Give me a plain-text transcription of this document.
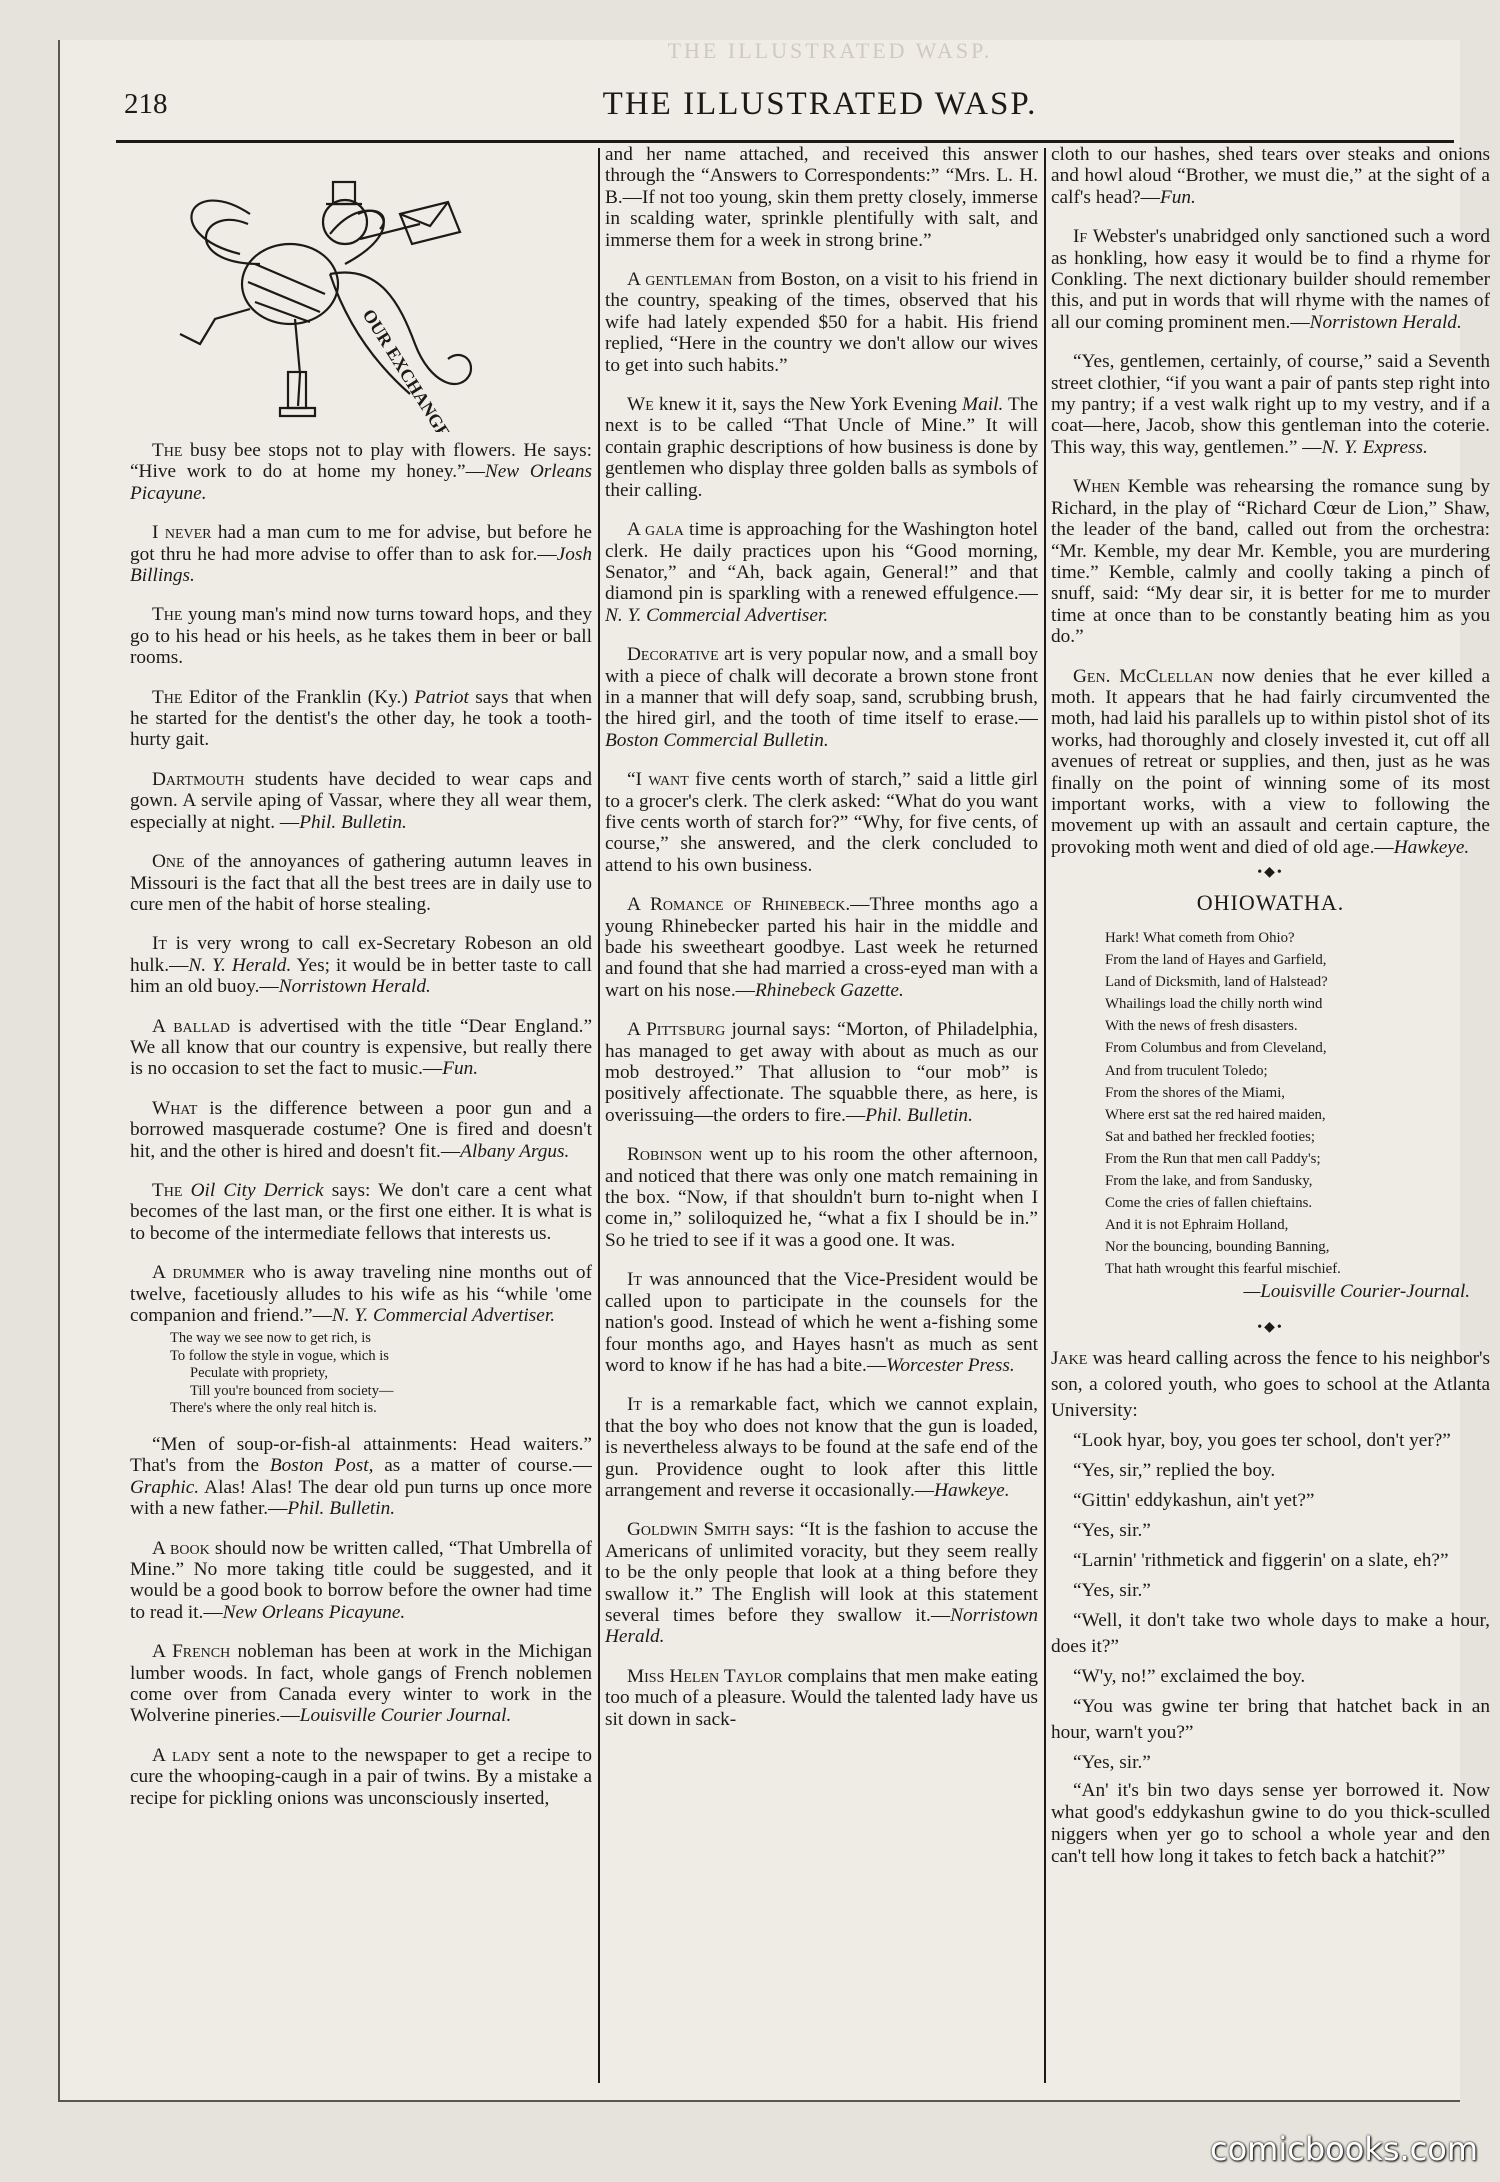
THE ILLUSTRATED WASP.
218	THE ILLUSTRATED WASP.
OUR EXCHANGES

The busy bee stops not to play with flowers. He says: “Hive work to do at home my honey.”—New Orleans Picayune.

I never had a man cum to me for advise, but before he got thru he had more advise to offer than to ask for.—Josh Billings.

The young man's mind now turns toward hops, and they go to his head or his heels, as he takes them in beer or ball rooms.

The Editor of the Franklin (Ky.) Patriot says that when he started for the dentist's the other day, he took a tooth-hurty gait.

Dartmouth students have decided to wear caps and gown. A servile aping of Vassar, where they all wear them, especially at night. —Phil. Bulletin.

One of the annoyances of gathering autumn leaves in Missouri is the fact that all the best trees are in daily use to cure men of the habit of horse stealing.

It is very wrong to call ex-Secretary Robeson an old hulk.—N. Y. Herald. Yes; it would be in better taste to call him an old buoy.—Norristown Herald.

A ballad is advertised with the title “Dear England.” We all know that our country is expensive, but really there is no occasion to set the fact to music.—Fun.

What is the difference between a poor gun and a borrowed masquerade costume? One is fired and doesn't hit, and the other is hired and doesn't fit.—Albany Argus.

The Oil City Derrick says: We don't care a cent what becomes of the last man, or the first one either. It is what is to become of the intermediate fellows that interests us.

A drummer who is away traveling nine months out of twelve, facetiously alludes to his wife as his “while 'ome companion and friend.”—N. Y. Commercial Advertiser.

The way we see now to get rich, is
To follow the style in vogue, which is
Peculate with propriety,
Till you're bounced from society—
There's where the only real hitch is.

“Men of soup-or-fish-al attainments: Head waiters.” That's from the Boston Post, as a matter of course.—Graphic. Alas! Alas! The dear old pun turns up once more with a new father.—Phil. Bulletin.

A book should now be written called, “That Umbrella of Mine.” No more taking title could be suggested, and it would be a good book to borrow before the owner had time to read it.—New Orleans Picayune.

A French nobleman has been at work in the Michigan lumber woods. In fact, whole gangs of French noblemen come over from Canada every winter to work in the Wolverine pineries.—Louisville Courier Journal.

A lady sent a note to the newspaper to get a recipe to cure the whooping-caugh in a pair of twins. By a mistake a recipe for pickling onions was unconsciously inserted,

and her name attached, and received this answer through the “Answers to Correspondents:” “Mrs. L. H. B.—If not too young, skin them pretty closely, immerse in scalding water, sprinkle plentifully with salt, and immerse them for a week in strong brine.”

A gentleman from Boston, on a visit to his friend in the country, speaking of the times, observed that his wife had lately expended $50 for a habit. His friend replied, “Here in the country we don't allow our wives to get into such habits.”

We knew it it, says the New York Evening Mail. The next is to be called “That Uncle of Mine.” It will contain graphic descriptions of how business is done by gentlemen who display three golden balls as symbols of their calling.

A gala time is approaching for the Washington hotel clerk. He daily practices upon his “Good morning, Senator,” and “Ah, back again, General!” and that diamond pin is sparkling with a renewed effulgence.—N. Y. Commercial Advertiser.

Decorative art is very popular now, and a small boy with a piece of chalk will decorate a brown stone front in a manner that will defy soap, sand, scrubbing brush, the hired girl, and the tooth of time itself to erase.—Boston Commercial Bulletin.

“I want five cents worth of starch,” said a little girl to a grocer's clerk. The clerk asked: “What do you want five cents worth of starch for?” “Why, for five cents, of course,” she answered, and the clerk concluded to attend to his own business.

A Romance of Rhinebeck.—Three months ago a young Rhinebecker parted his hair in the middle and bade his sweetheart goodbye. Last week he returned and found that she had married a cross-eyed man with a wart on his nose.—Rhinebeck Gazette.

A Pittsburg journal says: “Morton, of Philadelphia, has managed to get away with about as much as our mob destroyed.” That allusion to “our mob” is positively affectionate. The squabble there, as here, is overissuing—the orders to fire.—Phil. Bulletin.

Robinson went up to his room the other afternoon, and noticed that there was only one match remaining in the box. “Now, if that shouldn't burn to-night when I come in,” soliloquized he, “what a fix I should be in.” So he tried to see if it was a good one. It was.

It was announced that the Vice-President would be called upon to participate in the counsels for the nation's good. Instead of which he went a-fishing some four months ago, and Hayes hasn't as much as sent word to know if he has had a bite.—Worcester Press.

It is a remarkable fact, which we cannot explain, that the boy who does not know that the gun is loaded, is nevertheless always to be found at the safe end of the gun. Providence ought to look after this little arrangement and reverse it occasionally.—Hawkeye.

Goldwin Smith says: “It is the fashion to accuse the Americans of unlimited voracity, but they seem really to be the only people that look at a thing before they swallow it.” The English will look at this statement several times before they swallow it.—Norristown Herald.

Miss Helen Taylor complains that men make eating too much of a pleasure. Would the talented lady have us sit down in sack-

cloth to our hashes, shed tears over steaks and onions and howl aloud “Brother, we must die,” at the sight of a calf's head?—Fun.

If Webster's unabridged only sanctioned such a word as honkling, how easy it would be to find a rhyme for Conkling. The next dictionary builder should remember this, and put in words that will rhyme with the names of all our coming prominent men.—Norristown Herald.

“Yes, gentlemen, certainly, of course,” said a Seventh street clothier, “if you want a pair of pants step right into my pantry; if a vest walk right up to my vestry, and if a coat—here, Jacob, show this gentleman into the coterie. This way, this way, gentlemen.” —N. Y. Express.

When Kemble was rehearsing the romance sung by Richard, in the play of “Richard Cœur de Lion,” Shaw, the leader of the band, called out from the orchestra: “Mr. Kemble, my dear Mr. Kemble, you are murdering time.” Kemble, calmly and coolly taking a pinch of snuff, said: “My dear sir, it is better for me to murder time at once than to be constantly beating him as you do.”

Gen. McClellan now denies that he ever killed a moth. It appears that he had fairly circumvented the moth, had laid his parallels up to within pistol shot of its works, had thoroughly and closely invested it, cut off all avenues of retreat or supplies, and then, just as he was finally on the point of winning some of its most important works, with a view to following the movement up with an assault and certain capture, the provoking moth went and died of old age.—Hawkeye.

•◆•
OHIOWATHA.
Hark! What cometh from Ohio?
From the land of Hayes and Garfield,
Land of Dicksmith, land of Halstead?
Whailings load the chilly north wind
With the news of fresh disasters.
From Columbus and from Cleveland,
And from truculent Toledo;
From the shores of the Miami,
Where erst sat the red haired maiden,
Sat and bathed her freckled footies;
From the Run that men call Paddy's;
From the lake, and from Sandusky,
Come the cries of fallen chieftains.
And it is not Ephraim Holland,
Nor the bouncing, bounding Banning,
That hath wrought this fearful mischief.
—Louisville Courier-Journal.
•◆•

Jake was heard calling across the fence to his neighbor's son, a colored youth, who goes to school at the Atlanta University:

“Look hyar, boy, you goes ter school, don't yer?”

“Yes, sir,” replied the boy.

“Gittin' eddykashun, ain't yet?”

“Yes, sir.”

“Larnin' 'rithmetick and figgerin' on a slate, eh?”

“Yes, sir.”

“Well, it don't take two whole days to make a hour, does it?”

“W'y, no!” exclaimed the boy.

“You was gwine ter bring that hatchet back in an hour, warn't you?”

“Yes, sir.”

“An' it's bin two days sense yer borrowed it. Now what good's eddykashun gwine to do you thick-sculled niggers when yer go to school a whole year and den can't tell how long it takes to fetch back a hatchit?”

comicbooks.com
